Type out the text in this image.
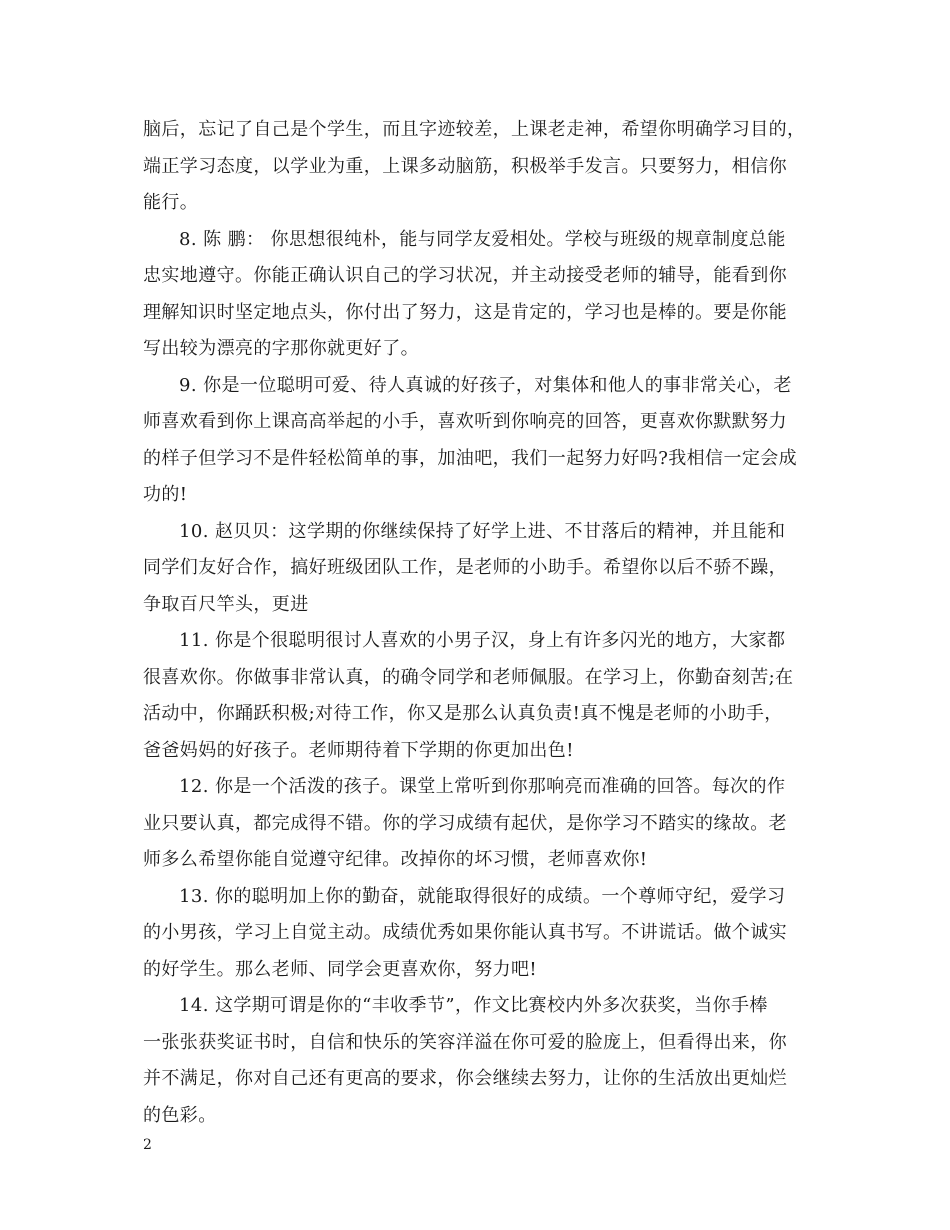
脑后，忘记了自己是个学生，而且字迹较差，上课老走神，希望你明确学习目的，
端正学习态度，以学业为重，上课多动脑筋，积极举手发言。只要努力，相信你
能行。

8. 陈 鹏： 你思想很纯朴，能与同学友爱相处。学校与班级的规章制度总能
忠实地遵守。你能正确认识自己的学习状况，并主动接受老师的辅导，能看到你
理解知识时坚定地点头，你付出了努力，这是肯定的，学习也是棒的。要是你能
写出较为漂亮的字那你就更好了。

9. 你是一位聪明可爱、待人真诚的好孩子，对集体和他人的事非常关心，老
师喜欢看到你上课高高举起的小手，喜欢听到你响亮的回答，更喜欢你默默努力
的样子但学习不是件轻松简单的事，加油吧，我们一起努力好吗?我相信一定会成
功的!

10. 赵贝贝：这学期的你继续保持了好学上进、不甘落后的精神，并且能和
同学们友好合作，搞好班级团队工作，是老师的小助手。希望你以后不骄不躁，
争取百尺竿头，更进

11. 你是个很聪明很讨人喜欢的小男子汉，身上有许多闪光的地方，大家都
很喜欢你。你做事非常认真，的确令同学和老师佩服。在学习上，你勤奋刻苦;在
活动中，你踊跃积极;对待工作，你又是那么认真负责!真不愧是老师的小助手，
爸爸妈妈的好孩子。老师期待着下学期的你更加出色!

12. 你是一个活泼的孩子。课堂上常听到你那响亮而准确的回答。每次的作
业只要认真，都完成得不错。你的学习成绩有起伏，是你学习不踏实的缘故。老
师多么希望你能自觉遵守纪律。改掉你的坏习惯，老师喜欢你!

13. 你的聪明加上你的勤奋，就能取得很好的成绩。一个尊师守纪，爱学习
的小男孩，学习上自觉主动。成绩优秀如果你能认真书写。不讲谎话。做个诚实
的好学生。那么老师、同学会更喜欢你，努力吧!

14. 这学期可谓是你的“丰收季节”，作文比赛校内外多次获奖，当你手棒
一张张获奖证书时，自信和快乐的笑容洋溢在你可爱的脸庞上，但看得出来，你
并不满足，你对自己还有更高的要求，你会继续去努力，让你的生活放出更灿烂
的色彩。

2
